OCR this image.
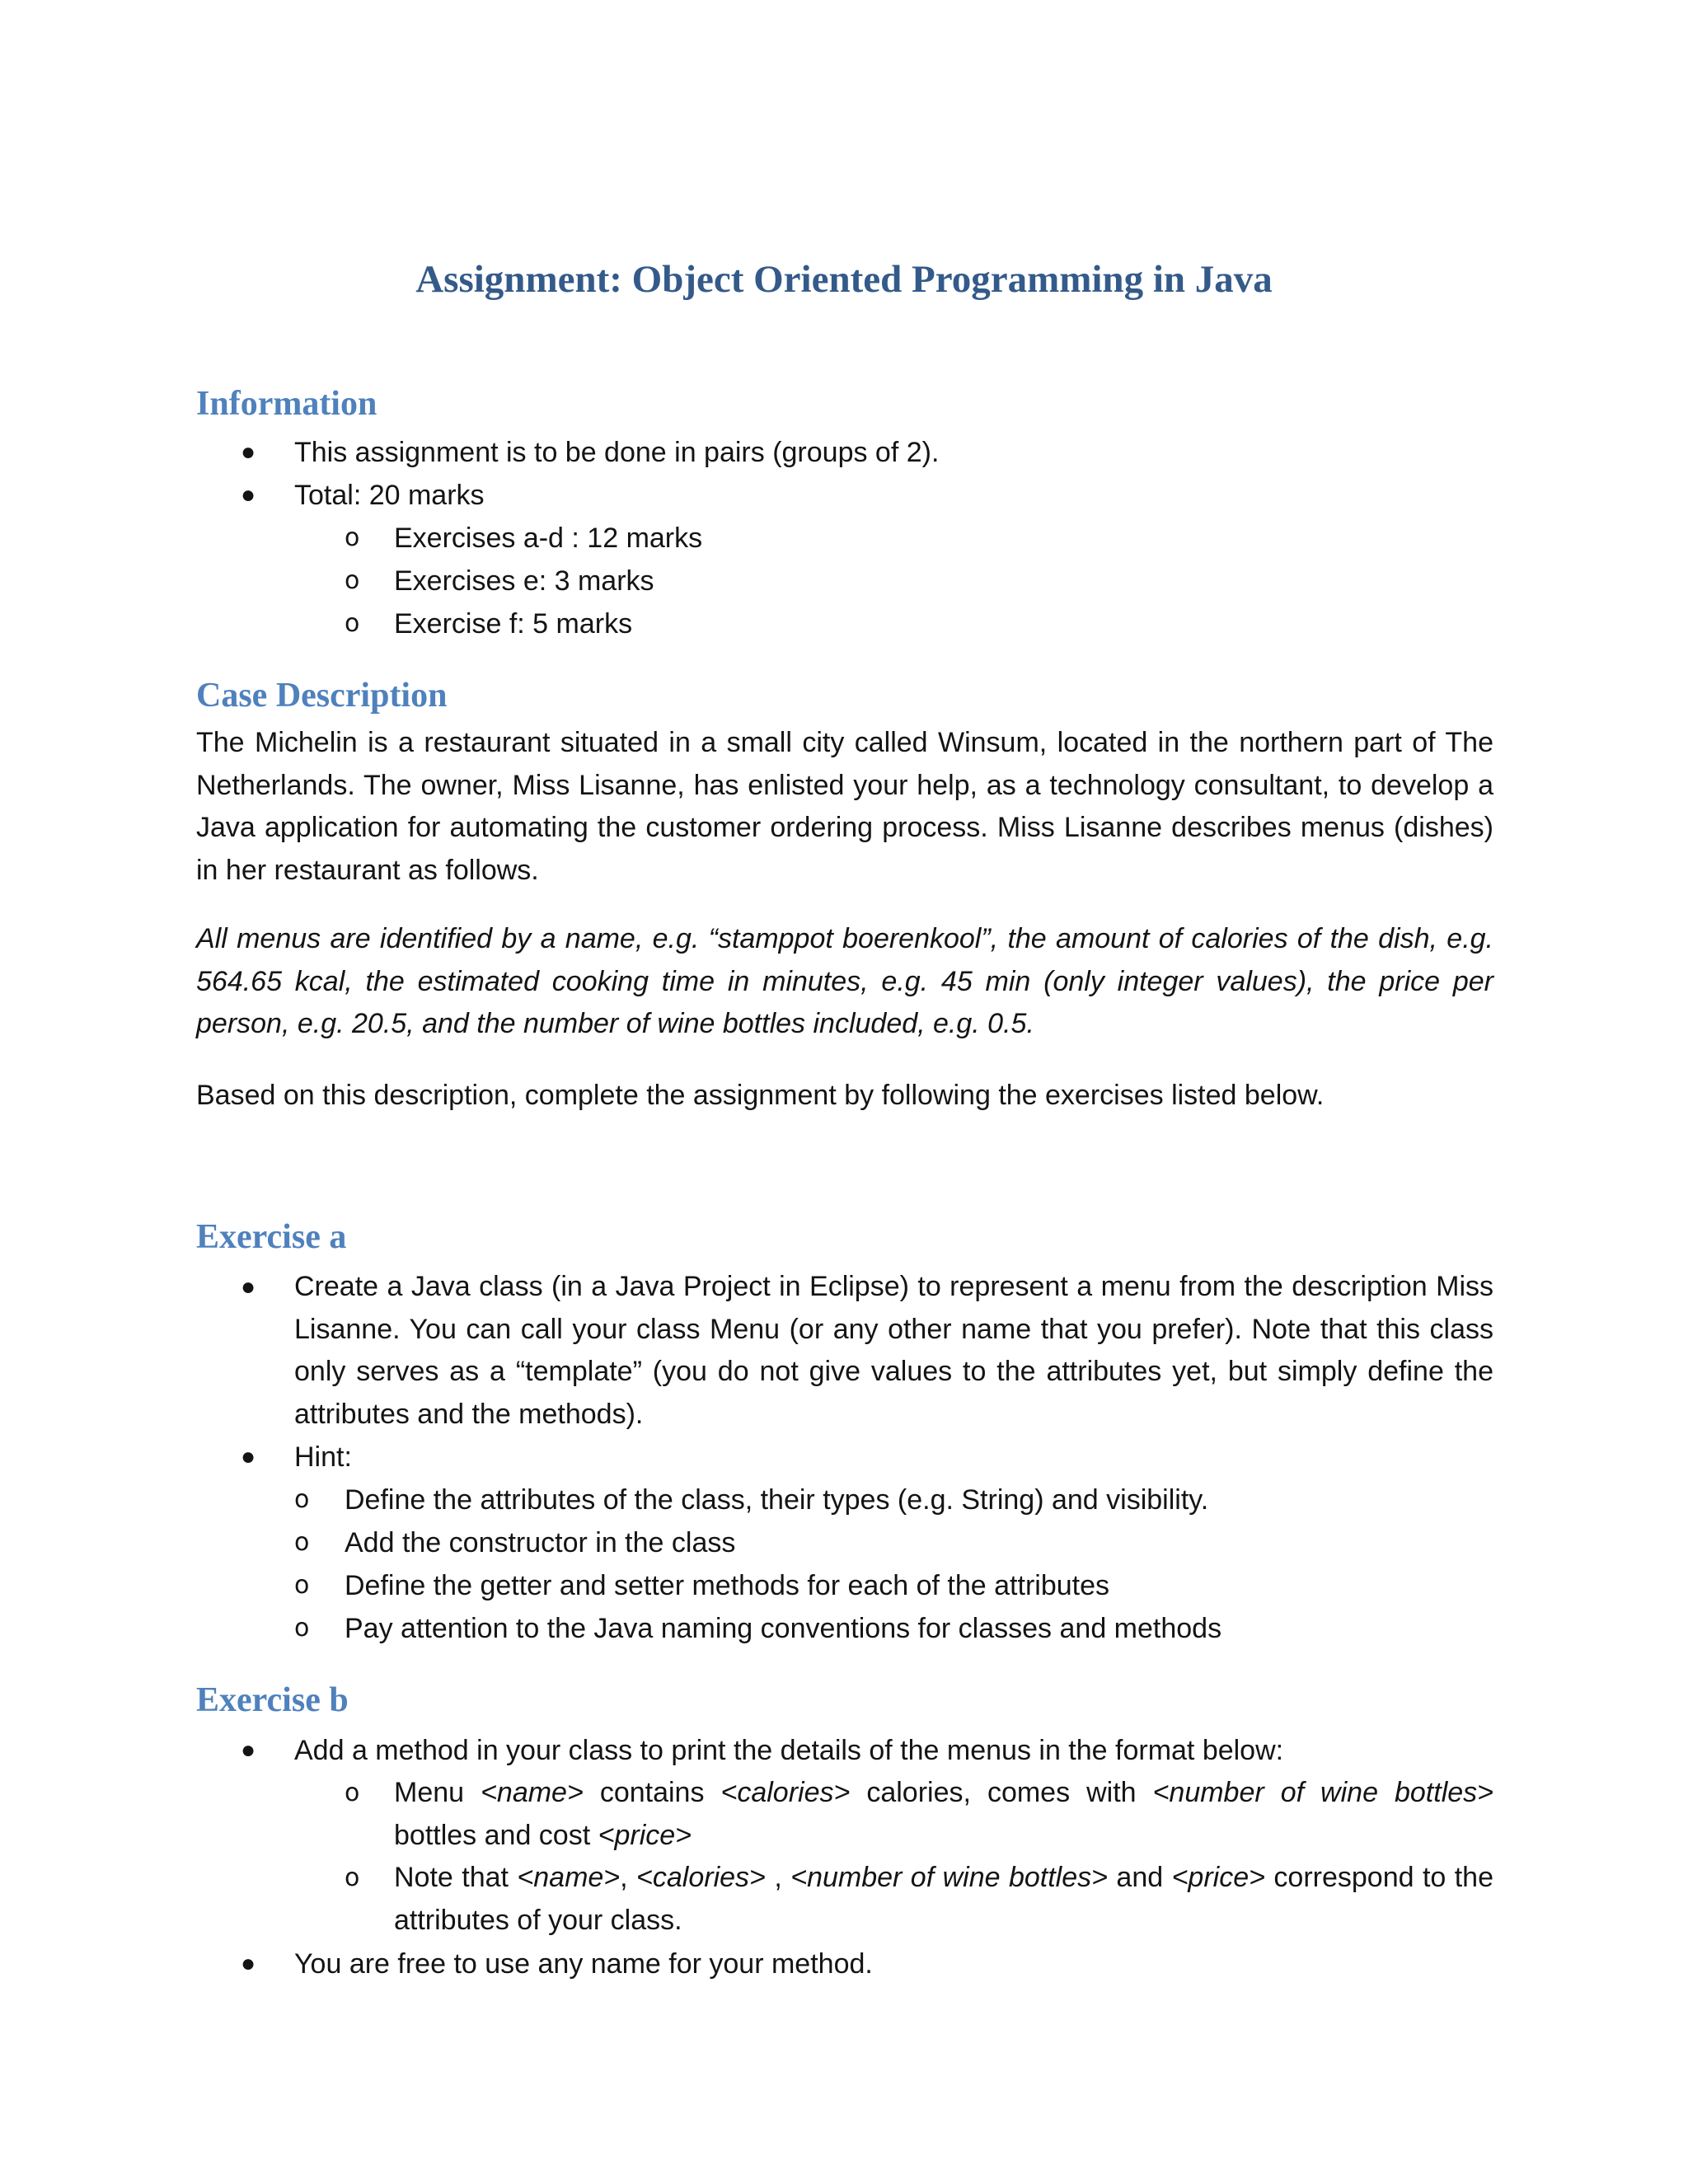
Assignment: Object Oriented Programming in Java
Information
● This assignment is to be done in pairs (groups of 2).

● Total: 20 marks

o Exercises a-d : 12 marks

o Exercises e: 3 marks

o Exercise f: 5 marks

Case Description

The Michelin is a restaurant situated in a small city called Winsum, located in the northern part of The Netherlands. The owner, Miss Lisanne, has enlisted your help, as a technology consultant, to develop a Java application for automating the customer ordering process. Miss Lisanne describes menus (dishes) in her restaurant as follows.

All menus are identified by a name, e.g. “stamppot boerenkool”, the amount of calories of the dish, e.g. 564.65 kcal, the estimated cooking time in minutes, e.g. 45 min (only integer values), the price per person, e.g. 20.5, and the number of wine bottles included, e.g. 0.5.

Based on this description, complete the assignment by following the exercises listed below.

Exercise a
● Create a Java class (in a Java Project in Eclipse) to represent a menu from the description Miss Lisanne. You can call your class Menu (or any other name that you prefer). Note that this class only serves as a “template” (you do not give values to the attributes yet, but simply define the attributes and the methods).

● Hint:

o Define the attributes of the class, their types (e.g. String) and visibility.

o Add the constructor in the class

o Define the getter and setter methods for each of the attributes

o Pay attention to the Java naming conventions for classes and methods

Exercise b
● Add a method in your class to print the details of the menus in the format below:

o Menu <name> contains <calories> calories, comes with <number of wine bottles> bottles and cost <price>

o Note that <name>, <calories> , <number of wine bottles> and <price> correspond to the attributes of your class.

● You are free to use any name for your method.
